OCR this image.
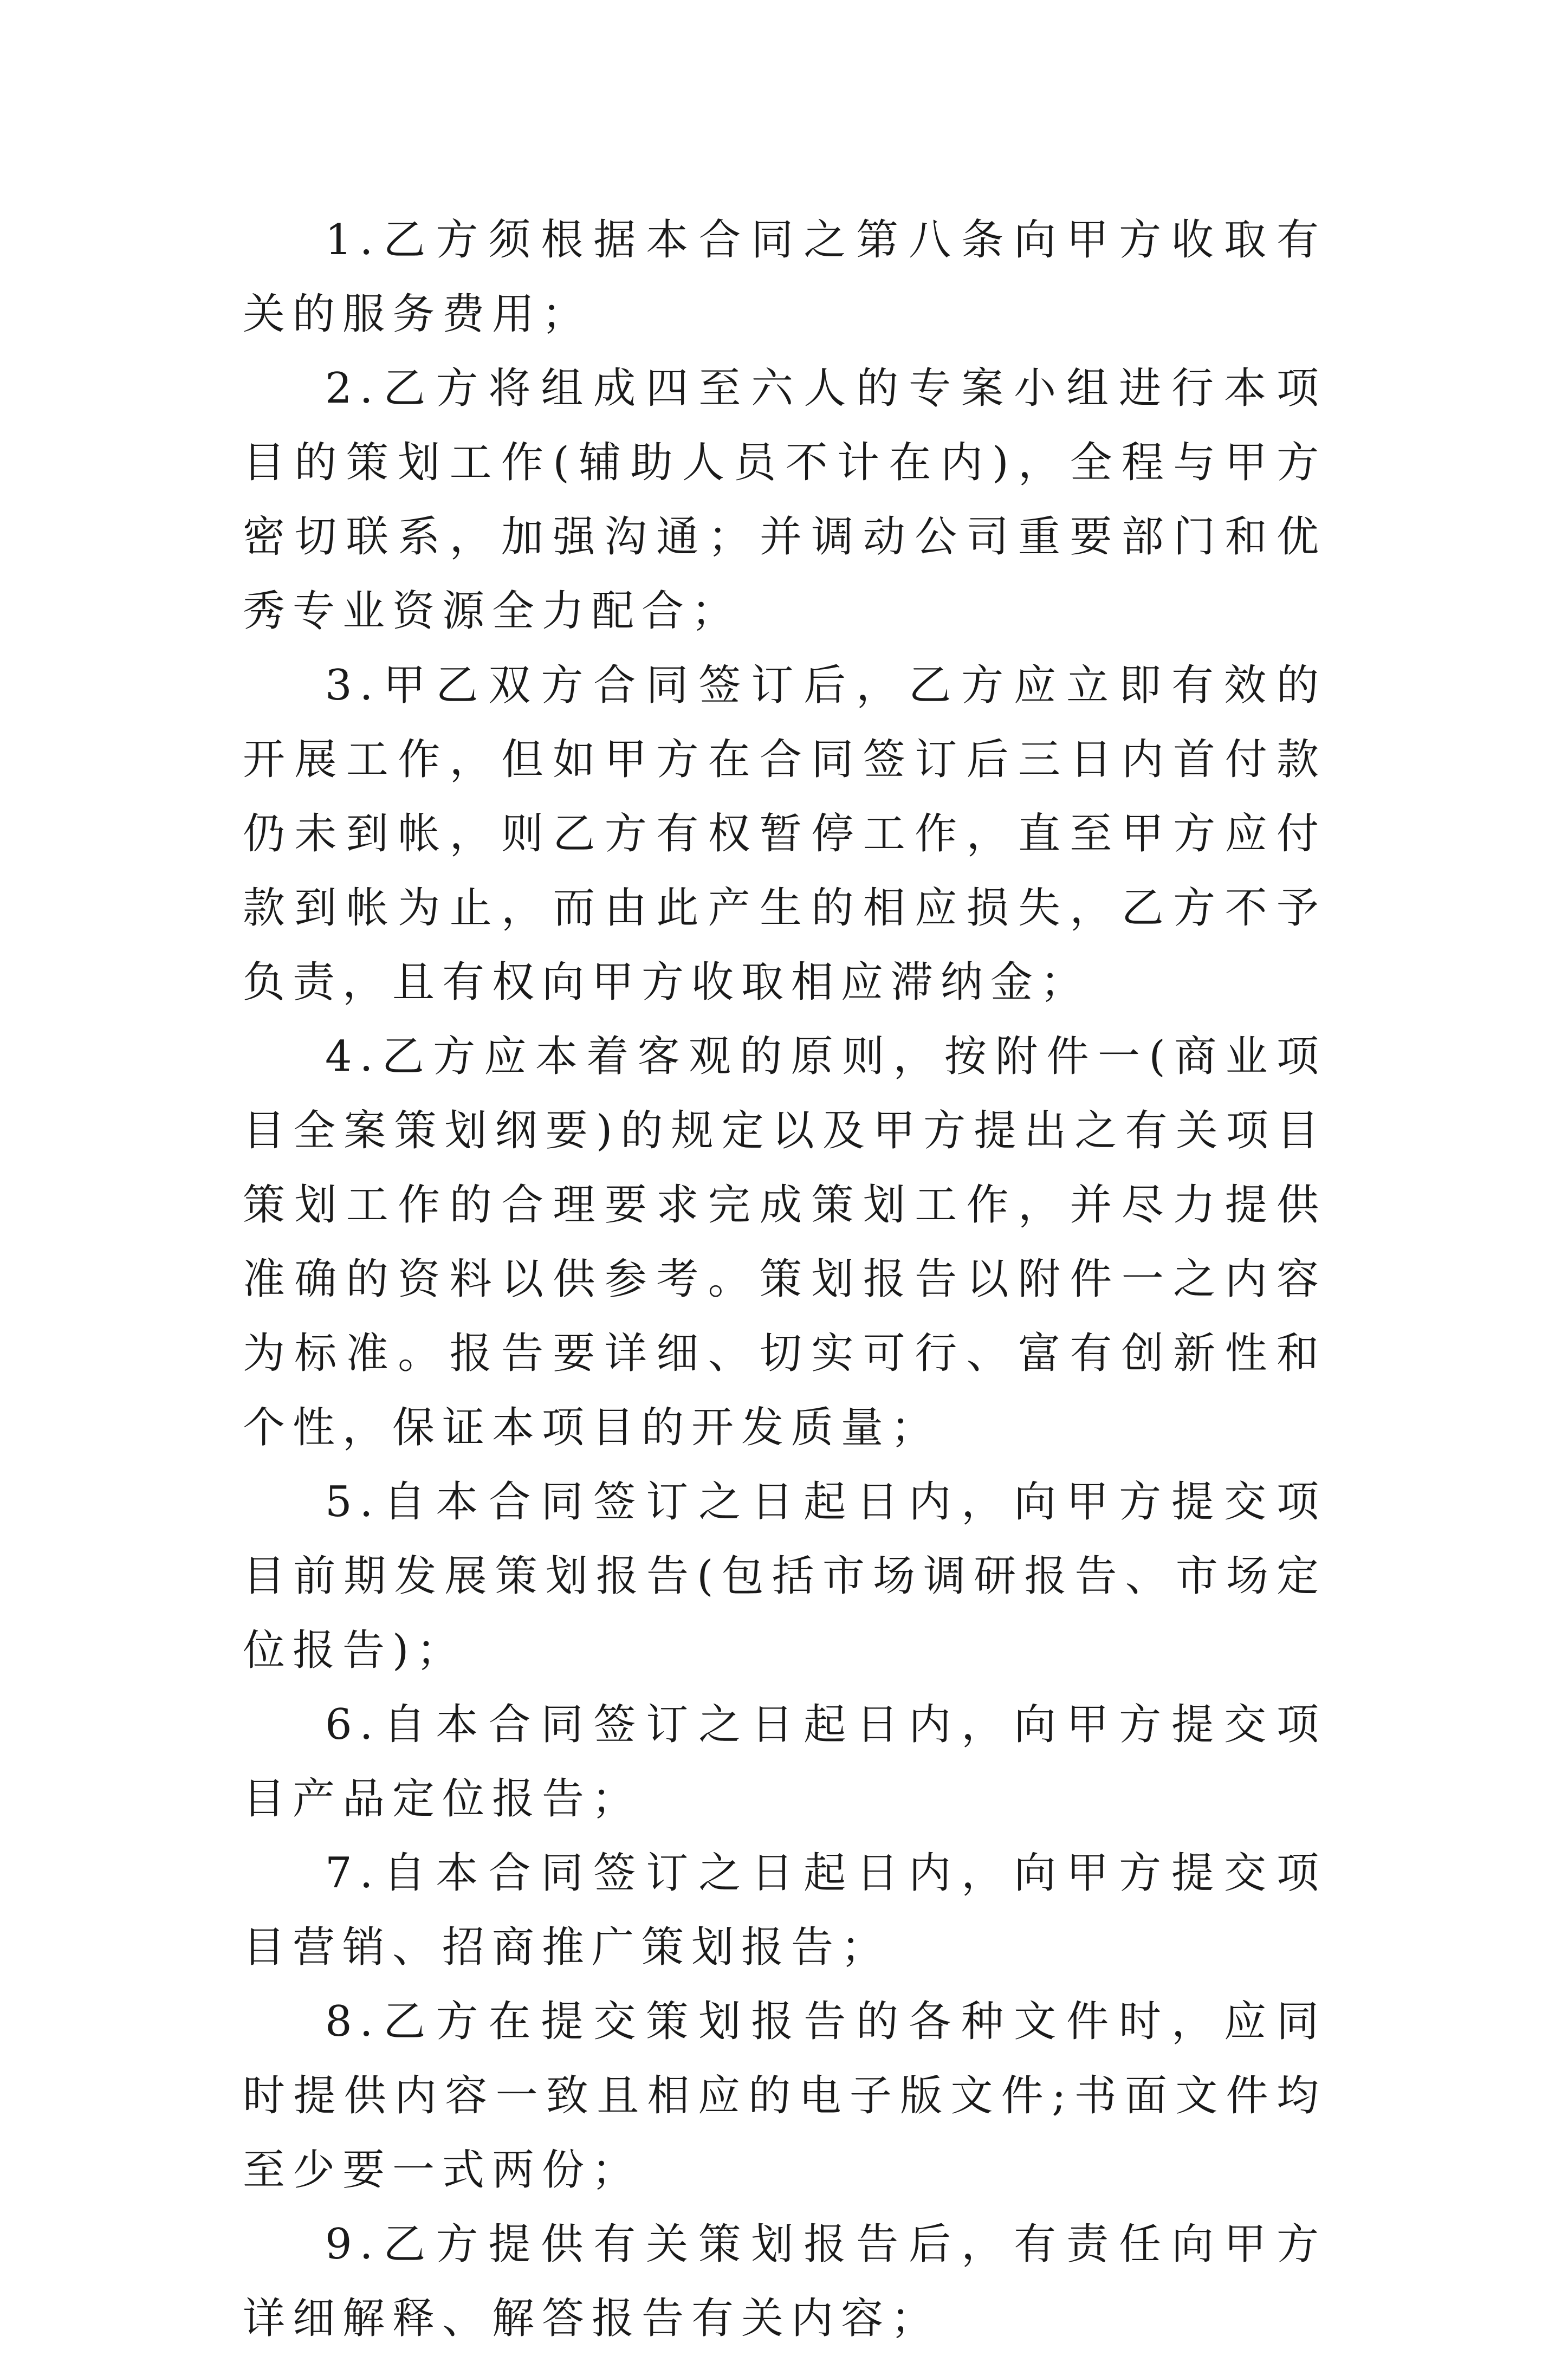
1.乙方须根据本合同之第八条向甲方收取有关的服务费用；

2.乙方将组成四至六人的专案小组进行本项目的策划工作(辅助人员不计在内)，全程与甲方密切联系，加强沟通；并调动公司重要部门和优秀专业资源全力配合；

3.甲乙双方合同签订后，乙方应立即有效的开展工作，但如甲方在合同签订后三日内首付款仍未到帐，则乙方有权暂停工作，直至甲方应付款到帐为止，而由此产生的相应损失，乙方不予负责，且有权向甲方收取相应滞纳金；

4.乙方应本着客观的原则，按附件一(商业项目全案策划纲要)的规定以及甲方提出之有关项目策划工作的合理要求完成策划工作，并尽力提供准确的资料以供参考。策划报告以附件一之内容为标准。报告要详细、切实可行、富有创新性和个性，保证本项目的开发质量；

5.自本合同签订之日起日内，向甲方提交项目前期发展策划报告(包括市场调研报告、市场定位报告)；

6.自本合同签订之日起日内，向甲方提交项目产品定位报告；

7.自本合同签订之日起日内，向甲方提交项目营销、招商推广策划报告；

8.乙方在提交策划报告的各种文件时，应同时提供内容一致且相应的电子版文件;书面文件均至少要一式两份；

9.乙方提供有关策划报告后，有责任向甲方详细解释、解答报告有关内容；
